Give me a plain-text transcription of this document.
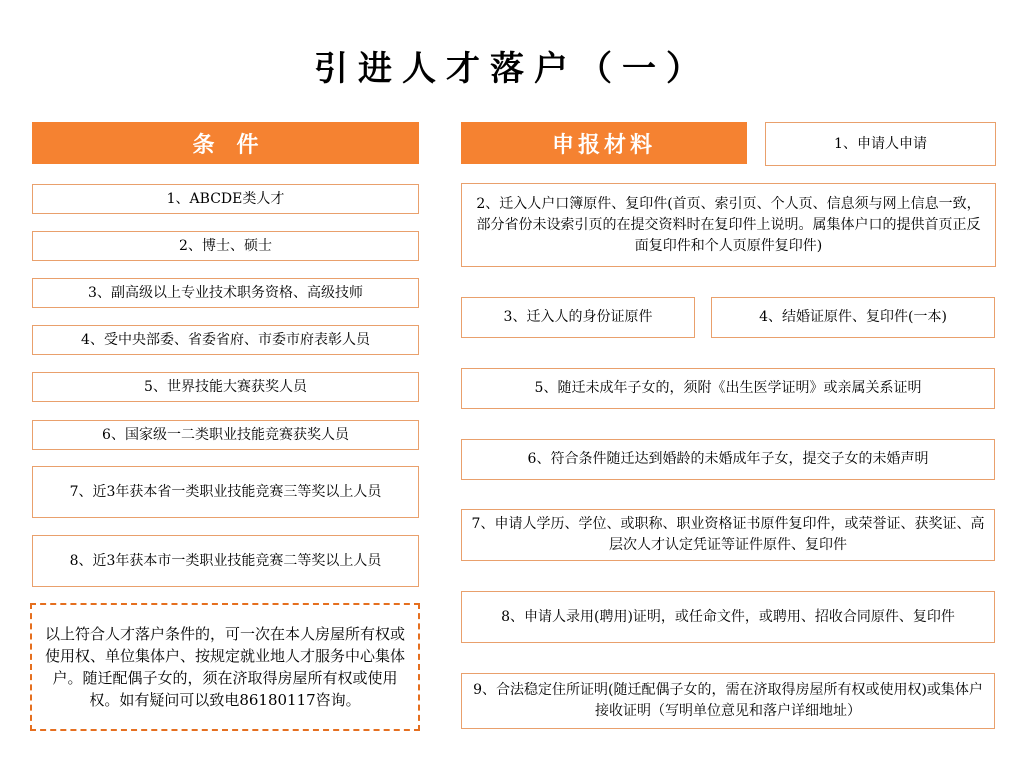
引进人才落户（一）
条　件
1、ABCDE类人才
2、博士、硕士
3、副高级以上专业技术职务资格、高级技师
4、受中央部委、省委省府、市委市府表彰人员
5、世界技能大赛获奖人员
6、国家级一二类职业技能竞赛获奖人员
7、近3年获本省一类职业技能竞赛三等奖以上人员
8、近3年获本市一类职业技能竞赛二等奖以上人员
以上符合人才落户条件的，可一次在本人房屋所有权或使用权、单位集体户、按规定就业地人才服务中心集体户。随迁配偶子女的，须在济取得房屋所有权或使用权。如有疑问可以致电86180117咨询。
申报材料	1、申请人申请
2、迁入人户口簿原件、复印件(首页、索引页、个人页、信息须与网上信息一致，部分省份未设索引页的在提交资料时在复印件上说明。属集体户口的提供首页正反面复印件和个人页原件复印件)
3、迁入人的身份证原件	4、结婚证原件、复印件(一本)
5、随迁未成年子女的，须附《出生医学证明》或亲属关系证明
6、符合条件随迁达到婚龄的未婚成年子女，提交子女的未婚声明
7、申请人学历、学位、或职称、职业资格证书原件复印件，或荣誉证、获奖证、高层次人才认定凭证等证件原件、复印件
8、申请人录用(聘用)证明，或任命文件，或聘用、招收合同原件、复印件
9、合法稳定住所证明(随迁配偶子女的，需在济取得房屋所有权或使用权)或集体户接收证明（写明单位意见和落户详细地址）
